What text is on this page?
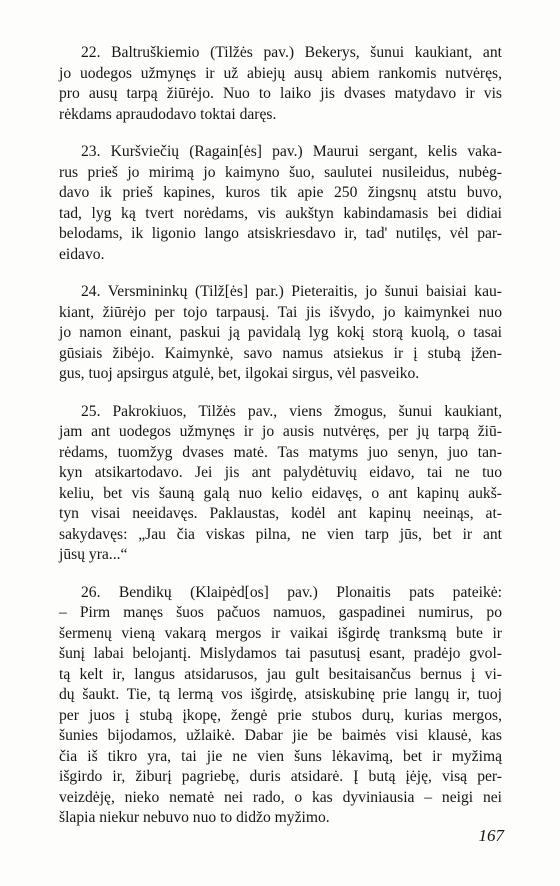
22. Baltruškiemio (Tilžės pav.) Bekerys, šunui kaukiant, ant
jo uodegos užmynęs ir už abiejų ausų abiem rankomis nutvėręs,
pro ausų tarpą žiūrėjo. Nuo to laiko jis dvases matydavo ir vis
rėkdams apraudodavo toktai daręs.
23. Kuršviečių (Ragain[ės] pav.) Maurui sergant, kelis vaka-
rus prieš jo mirimą jo kaimyno šuo, saulutei nusileidus, nubėg-
davo ik prieš kapines, kuros tik apie 250 žingsnų atstu buvo,
tad, lyg ką tvert norėdams, vis aukštyn kabindamasis bei didiai
belodams, ik ligonio lango atsiskriesdavo ir, tad' nutilęs, vėl par-
eidavo.
24. Versmininkų (Tilž[ės] par.) Pieteraitis, jo šunui baisiai kau-
kiant, žiūrėjo per tojo tarpausį. Tai jis išvydo, jo kaimynkei nuo
jo namon einant, paskui ją pavidalą lyg kokį storą kuolą, o tasai
gūsiais žibėjo. Kaimynkė, savo namus atsiekus ir į stubą įžen-
gus, tuoj apsirgus atgulė, bet, ilgokai sirgus, vėl pasveiko.
25. Pakrokiuos, Tilžės pav., viens žmogus, šunui kaukiant,
jam ant uodegos užmynęs ir jo ausis nutvėręs, per jų tarpą žiū-
rėdams, tuomžyg dvases matė. Tas matyms juo senyn, juo tan-
kyn atsikartodavo. Jei jis ant palydėtuvių eidavo, tai ne tuo
keliu, bet vis šauną galą nuo kelio eidavęs, o ant kapinų aukš-
tyn visai neeidavęs. Paklaustas, kodėl ant kapinų neeinąs, at-
sakydavęs: „Jau čia viskas pilna, ne vien tarp jūs, bet ir ant
jūsų yra...“
26. Bendikų (Klaipėd[os] pav.) Plonaitis pats pateikė:
– Pirm manęs šuos pačuos namuos, gaspadinei numirus, po
šermenų vieną vakarą mergos ir vaikai išgirdę tranksmą bute ir
šunį labai belojantį. Mislydamos tai pasutusį esant, pradėjo gvol-
tą kelt ir, langus atsidarusos, jau gult besitaisančus bernus į vi-
dų šaukt. Tie, tą lermą vos išgirdę, atsiskubinę prie langų ir, tuoj
per juos į stubą įkopę, žengė prie stubos durų, kurias mergos,
šunies bijodamos, užlaikė. Dabar jie be baimės visi klausė, kas
čia iš tikro yra, tai jie ne vien šuns lėkavimą, bet ir myžimą
išgirdo ir, žiburį pagriebę, duris atsidarė. Į butą įėję, visą per-
veizdėję, nieko nematė nei rado, o kas dyviniausia – neigi nei
šlapia niekur nebuvo nuo to didžo myžimo.
167
